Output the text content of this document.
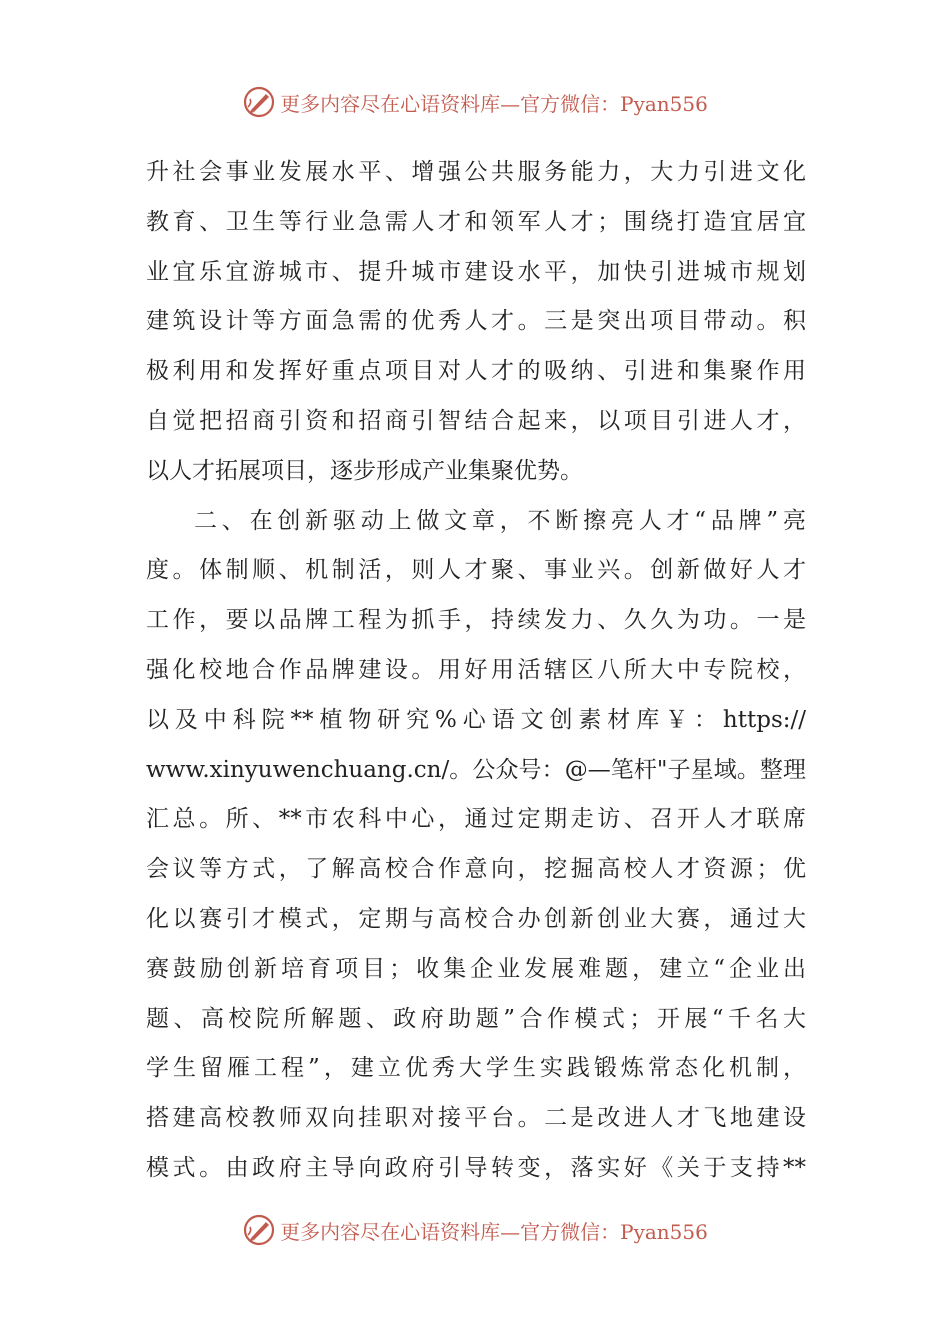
更多内容尽在心语资料库—官方微信：Pyan556
升社会事业发展水平、增强公共服务能力，大力引进文化
教育、卫生等行业急需人才和领军人才；围绕打造宜居宜
业宜乐宜游城市、提升城市建设水平，加快引进城市规划
建筑设计等方面急需的优秀人才。三是突出项目带动。积
极利用和发挥好重点项目对人才的吸纳、引进和集聚作用
自觉把招商引资和招商引智结合起来，以项目引进人才，
以人才拓展项目，逐步形成产业集聚优势。
二、在创新驱动上做文章，不断擦亮人才“品牌”亮
度。体制顺、机制活，则人才聚、事业兴。创新做好人才
工作，要以品牌工程为抓手，持续发力、久久为功。一是
强化校地合作品牌建设。用好用活辖区八所大中专院校，
以及中科院**植物研究%心语文创素材库￥：https://
www.xinyuwenchuang.cn/。公众号：@—笔杆"子星域。整理
汇总。所、**市农科中心，通过定期走访、召开人才联席
会议等方式，了解高校合作意向，挖掘高校人才资源；优
化以赛引才模式，定期与高校合办创新创业大赛，通过大
赛鼓励创新培育项目；收集企业发展难题，建立“企业出
题、高校院所解题、政府助题”合作模式；开展“千名大
学生留雁工程”，建立优秀大学生实践锻炼常态化机制，
搭建高校教师双向挂职对接平台。二是改进人才飞地建设
模式。由政府主导向政府引导转变，落实好《关于支持**
更多内容尽在心语资料库—官方微信：Pyan556
